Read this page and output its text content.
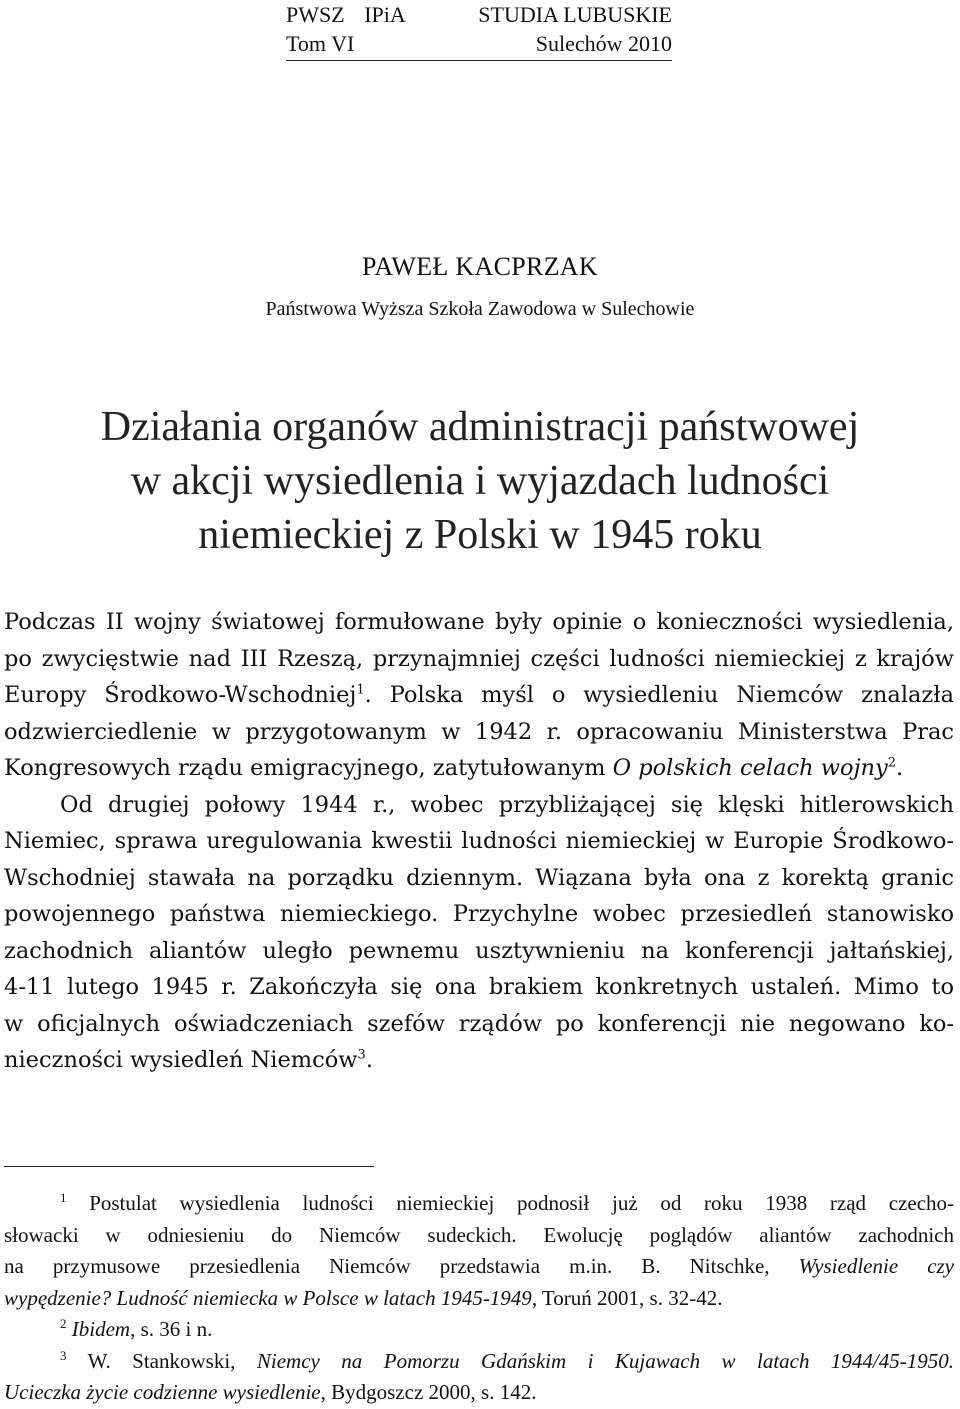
PWSZ IPiA	STUDIA LUBUSKIE
Tom VI	Sulechów 2010
PAWEŁ KACPRZAK
Państwowa Wyższa Szkoła Zawodowa w Sulechowie
Działania organów administracji państwowej
w akcji wysiedlenia i wyjazdach ludności
niemieckiej z Polski w 1945 roku
Podczas II wojny światowej formułowane były opinie o konieczności wysiedlenia,
po zwycięstwie nad III Rzeszą, przynajmniej części ludności niemieckiej z krajów
Europy Środkowo-Wschodniej$^1$. Polska myśl o wysiedleniu Niemców znalazła
odzwierciedlenie w przygotowanym w 1942 r. opracowaniu Ministerstwa Prac
Kongresowych rządu emigracyjnego, zatytułowanym O polskich celach wojny$^2$.
Od drugiej połowy 1944 r., wobec przybliżającej się klęski hitlerowskich
Niemiec, sprawa uregulowania kwestii ludności niemieckiej w Europie Środkowo-
Wschodniej stawała na porządku dziennym. Wiązana była ona z korektą granic
powojennego państwa niemieckiego. Przychylne wobec przesiedleń stanowisko
zachodnich aliantów uległo pewnemu usztywnieniu na konferencji jałtańskiej,
4-11 lutego 1945 r. Zakończyła się ona brakiem konkretnych ustaleń. Mimo to
w oficjalnych oświadczeniach szefów rządów po konferencji nie negowano ko-
nieczności wysiedleń Niemców$^3$.
$^1$ Postulat wysiedlenia ludności niemieckiej podnosił już od roku 1938 rząd czecho-
słowacki w odniesieniu do Niemców sudeckich. Ewolucję poglądów aliantów zachodnich
na przymusowe przesiedlenia Niemców przedstawia m.in. B. Nitschke, Wysiedlenie czy
wypędzenie? Ludność niemiecka w Polsce w latach 1945-1949, Toruń 2001, s. 32-42.
$^2$ Ibidem, s. 36 i n.
$^3$ W. Stankowski, Niemcy na Pomorzu Gdańskim i Kujawach w latach 1944/45-1950.
Ucieczka życie codzienne wysiedlenie, Bydgoszcz 2000, s. 142.
